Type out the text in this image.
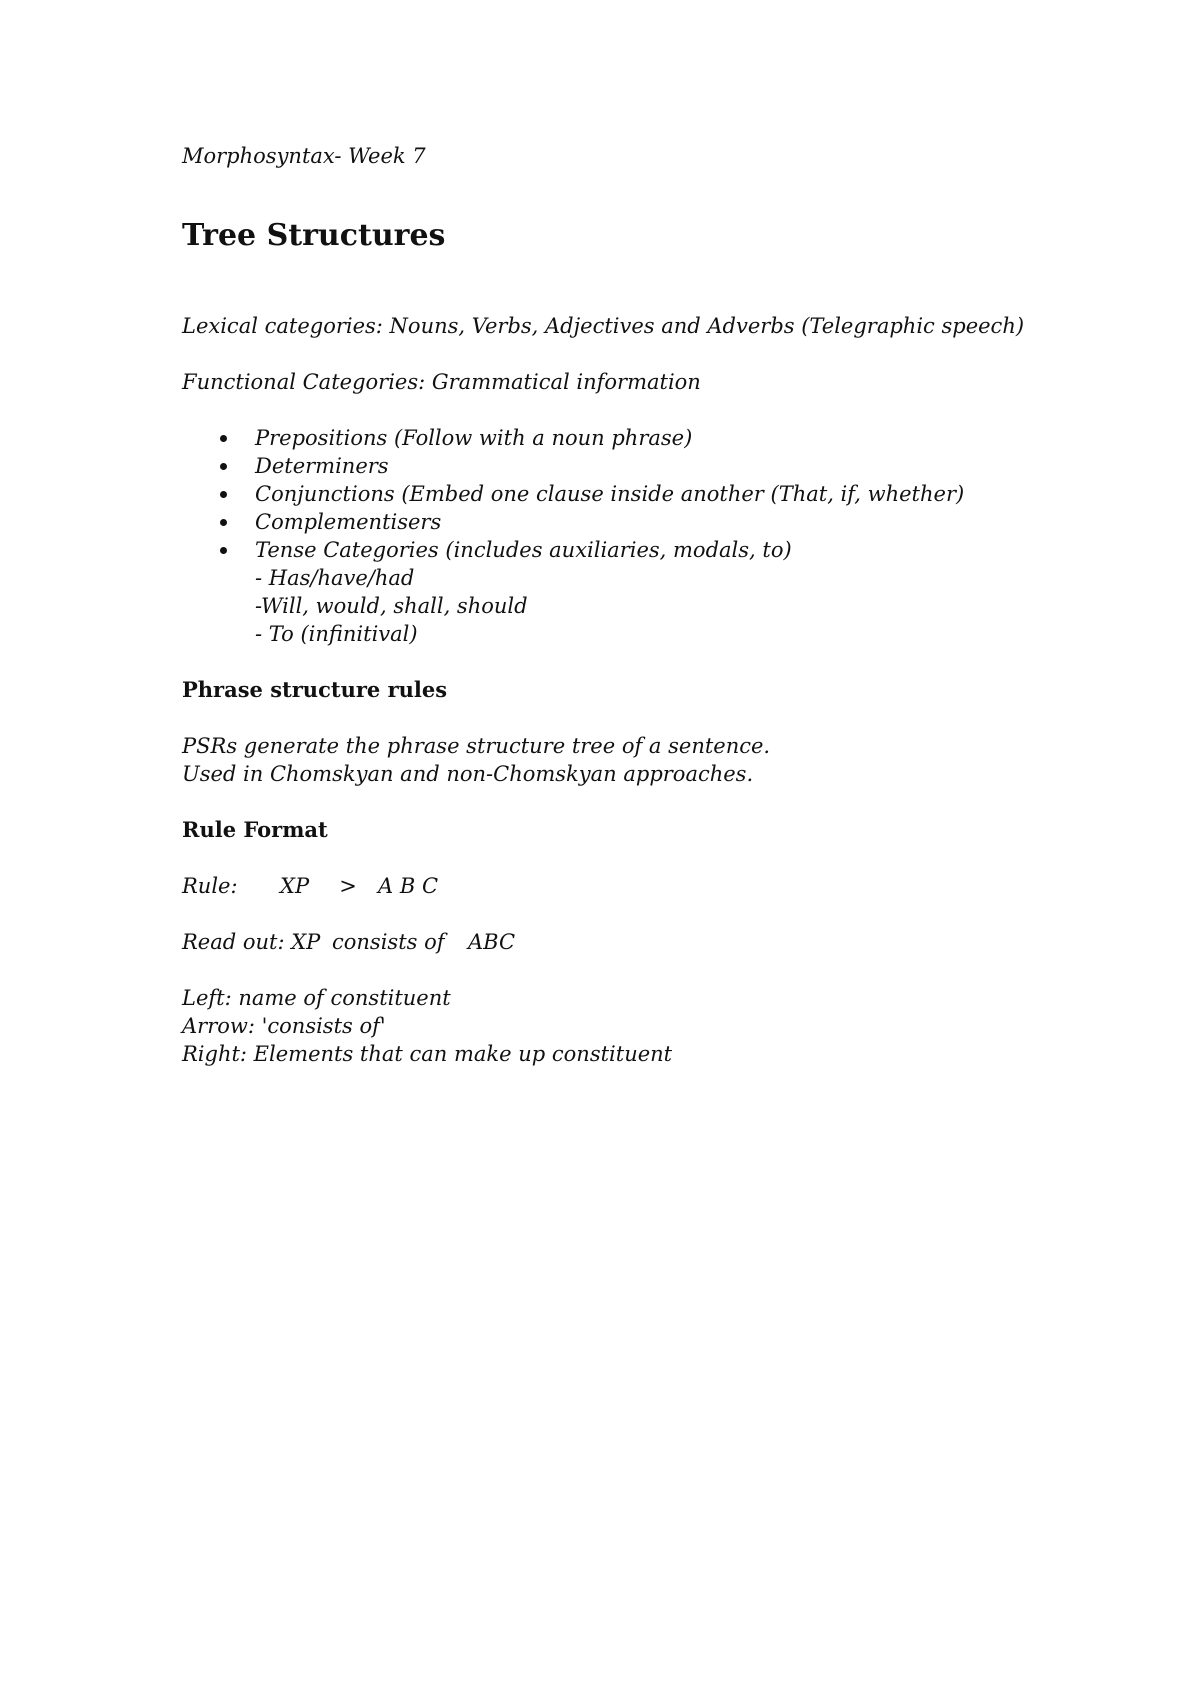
Morphosyntax- Week 7

Tree Structures

Lexical categories: Nouns, Verbs, Adjectives and Adverbs (Telegraphic speech)

Functional Categories: Grammatical information

Prepositions (Follow with a noun phrase)
Determiners
Conjunctions (Embed one clause inside another (That, if, whether)
Complementisers
Tense Categories (includes auxiliaries, modals, to)
- Has/have/had
-Will, would, shall, should
- To (infinitival)
Phrase structure rules

PSRs generate the phrase structure tree of a sentence.

Used in Chomskyan and non-Chomskyan approaches.

Rule Format

Rule: XP > A B C

Read out: XP consists of ABC

Left: name of constituent

Arrow: 'consists of'

Right: Elements that can make up constituent
